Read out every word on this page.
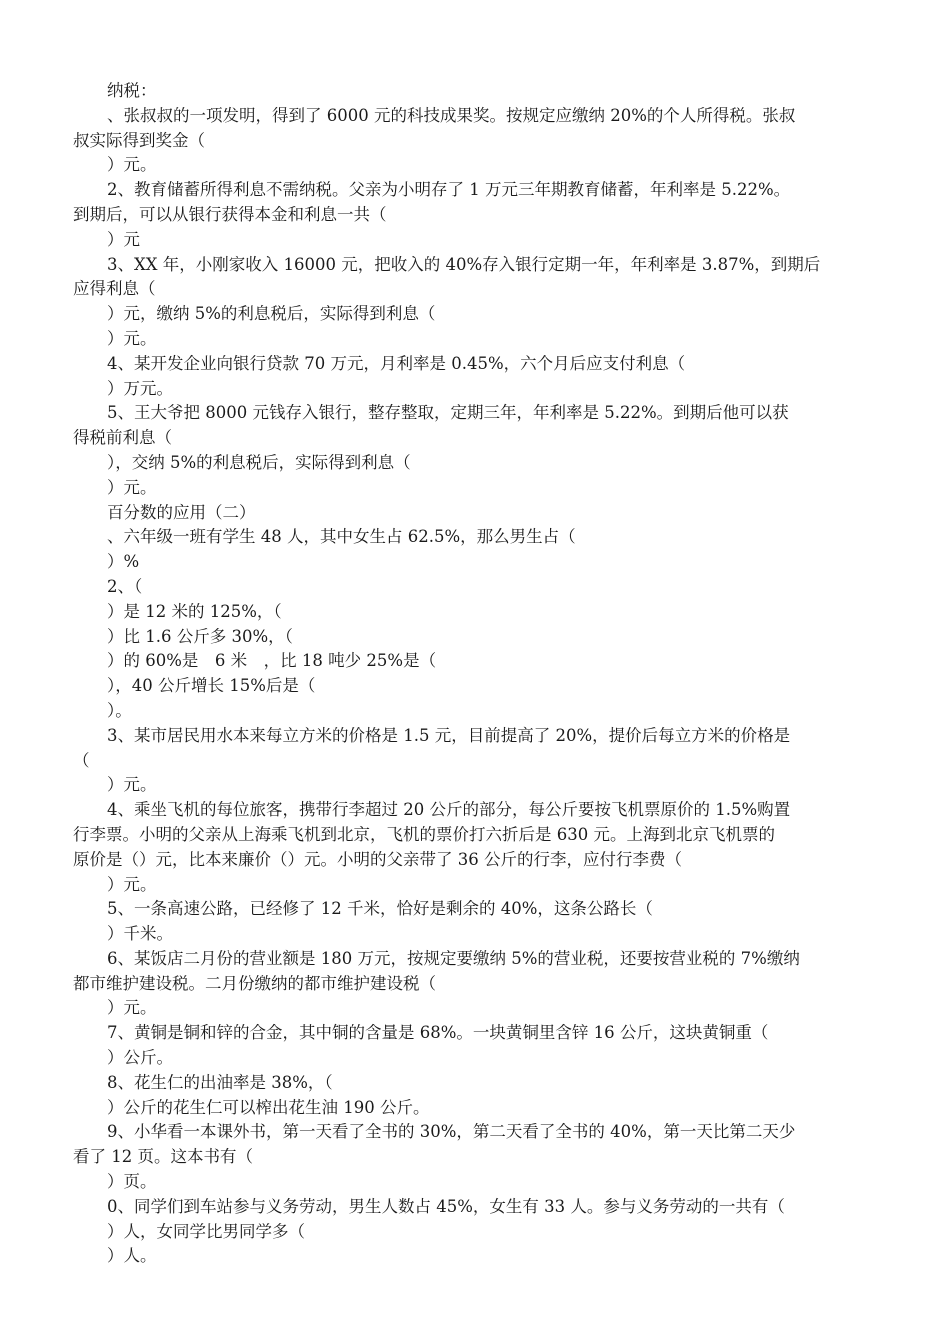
纳税：
、张叔叔的一项发明，得到了 6000 元的科技成果奖。按规定应缴纳 20%的个人所得税。张叔
叔实际得到奖金（
）元。
2、教育储蓄所得利息不需纳税。父亲为小明存了 1 万元三年期教育储蓄，年利率是 5.22%。
到期后，可以从银行获得本金和利息一共（
）元
3、XX 年，小刚家收入 16000 元，把收入的 40%存入银行定期一年，年利率是 3.87%，到期后
应得利息（
）元，缴纳 5%的利息税后，实际得到利息（
）元。
4、某开发企业向银行贷款 70 万元，月利率是 0.45%，六个月后应支付利息（
）万元。
5、王大爷把 8000 元钱存入银行，整存整取，定期三年，年利率是 5.22%。到期后他可以获
得税前利息（
），交纳 5%的利息税后，实际得到利息（
）元。
百分数的应用（二）
、六年级一班有学生 48 人，其中女生占 62.5%，那么男生占（
）%
2、（
）是 12 米的 125%，（
）比 1.6 公斤多 30%，（
）的 60%是　6 米　，比 18 吨少 25%是（
），40 公斤增长 15%后是（
）。
3、某市居民用水本来每立方米的价格是 1.5 元，目前提高了 20%，提价后每立方米的价格是
（
）元。
4、乘坐飞机的每位旅客，携带行李超过 20 公斤的部分，每公斤要按飞机票原价的 1.5%购置
行李票。小明的父亲从上海乘飞机到北京，飞机的票价打六折后是 630 元。上海到北京飞机票的
原价是（）元，比本来廉价（）元。小明的父亲带了 36 公斤的行李，应付行李费（
）元。
5、一条高速公路，已经修了 12 千米，恰好是剩余的 40%，这条公路长（
）千米。
6、某饭店二月份的营业额是 180 万元，按规定要缴纳 5%的营业税，还要按营业税的 7%缴纳
都市维护建设税。二月份缴纳的都市维护建设税（
）元。
7、黄铜是铜和锌的合金，其中铜的含量是 68%。一块黄铜里含锌 16 公斤，这块黄铜重（
）公斤。
8、花生仁的出油率是 38%，（
）公斤的花生仁可以榨出花生油 190 公斤。
9、小华看一本课外书，第一天看了全书的 30%，第二天看了全书的 40%，第一天比第二天少
看了 12 页。这本书有（
）页。
0、同学们到车站参与义务劳动，男生人数占 45%，女生有 33 人。参与义务劳动的一共有（
）人，女同学比男同学多（
）人。
